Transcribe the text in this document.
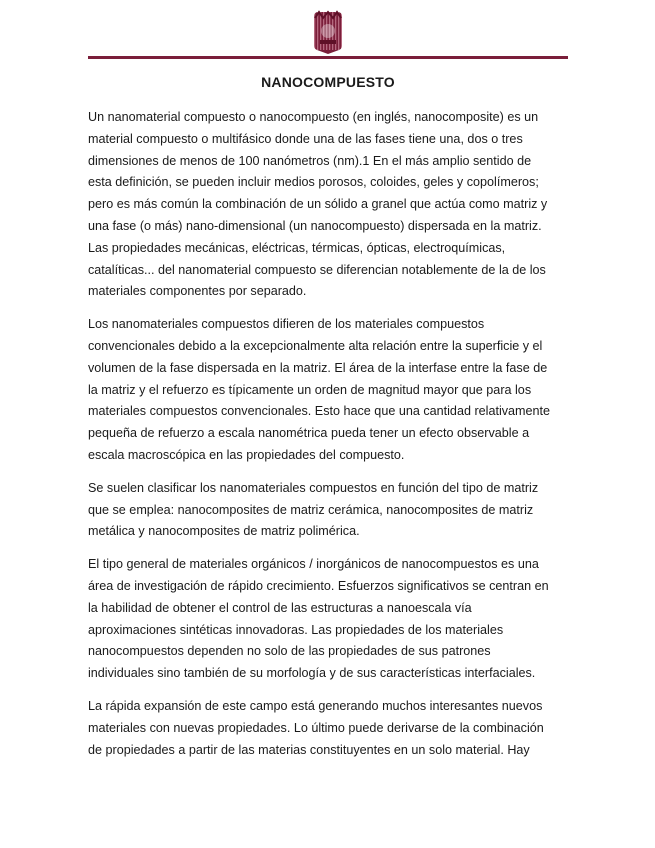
NANOCOMPUESTO

Un nanomaterial compuesto o nanocompuesto (en inglés, nanocomposite) es un
material compuesto o multifásico donde una de las fases tiene una, dos o tres
dimensiones de menos de 100 nanómetros (nm).1 En el más amplio sentido de
esta definición, se pueden incluir medios porosos, coloides, geles y copolímeros;
pero es más común la combinación de un sólido a granel que actúa como matriz y
una fase (o más) nano-dimensional (un nanocompuesto) dispersada en la matriz.
Las propiedades mecánicas, eléctricas, térmicas, ópticas, electroquímicas,
catalíticas... del nanomaterial compuesto se diferencian notablemente de la de los
materiales componentes por separado.

Los nanomateriales compuestos difieren de los materiales compuestos
convencionales debido a la excepcionalmente alta relación entre la superficie y el
volumen de la fase dispersada en la matriz. El área de la interfase entre la fase de
la matriz y el refuerzo es típicamente un orden de magnitud mayor que para los
materiales compuestos convencionales. Esto hace que una cantidad relativamente
pequeña de refuerzo a escala nanométrica pueda tener un efecto observable a
escala macroscópica en las propiedades del compuesto.

Se suelen clasificar los nanomateriales compuestos en función del tipo de matriz
que se emplea: nanocomposites de matriz cerámica, nanocomposites de matriz
metálica y nanocomposites de matriz polimérica.

El tipo general de materiales orgánicos / inorgánicos de nanocompuestos es una
área de investigación de rápido crecimiento. Esfuerzos significativos se centran en
la habilidad de obtener el control de las estructuras a nanoescala vía
aproximaciones sintéticas innovadoras. Las propiedades de los materiales
nanocompuestos dependen no solo de las propiedades de sus patrones
individuales sino también de su morfología y de sus características interfaciales.

La rápida expansión de este campo está generando muchos interesantes nuevos
materiales con nuevas propiedades. Lo último puede derivarse de la combinación
de propiedades a partir de las materias constituyentes en un solo material. Hay
